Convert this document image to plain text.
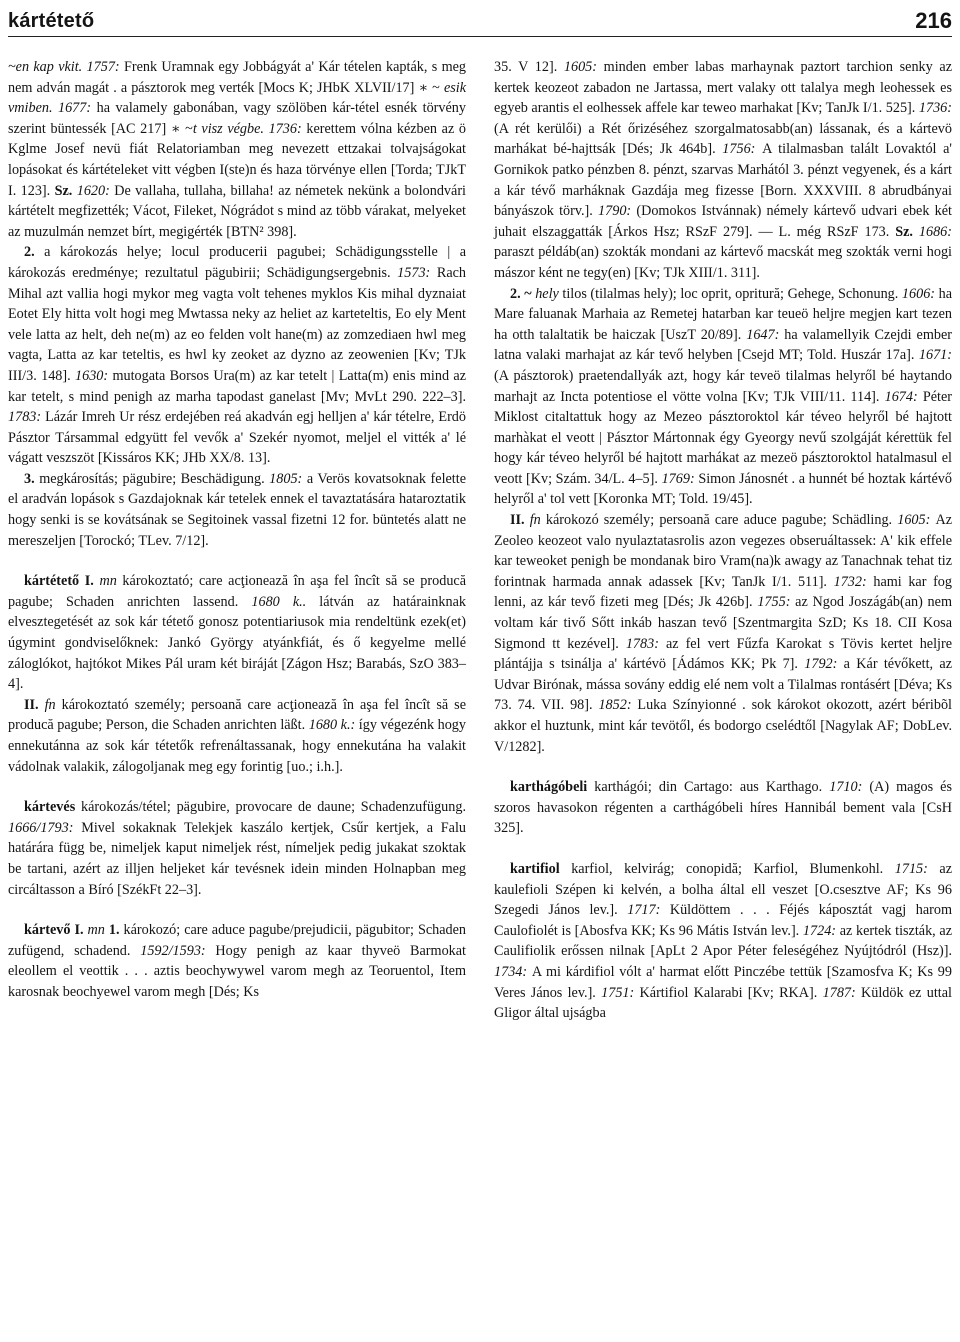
kártétető	216

~en kap vkit. 1757: Frenk Uramnak egy Jobbágyát a' Kár tételen kapták, s meg nem adván magát . a pásztorok meg verték [Mocs K; JHbK XLVII/17] ∗ ~ esik vmiben. 1677: ha valamely gabonában, vagy szölöben kár-tétel esnék törvény szerint büntessék [AC 217] ∗ ~t visz végbe. 1736: kerettem vólna kézben az ö Kglme Josef nevü fiát Relatoriamban meg nevezett ettzakai tolvajságokat lopásokat és kártételeket vitt végben I(ste)n és haza törvénye ellen [Torda; TJkT I. 123]. Sz. 1620: De vallaha, tullaha, billaha! az németek nekünk a bolondvári kártételt megfizették; Vácot, Fileket, Nógrádot s mind az több várakat, melyeket az muzulmán nemzet bírt, megigérték [BTN² 398].

2. a károkozás helye; locul producerii pagubei; Schädigungsstelle | a károkozás eredménye; rezultatul pägubirii; Schädigungsergebnis. 1573: Rach Mihal azt vallia hogi mykor meg vagta volt tehenes myklos Kis mihal dyznaiat Eotet Ely hitta volt hogi meg Mwtassa neky az heliet az karteteltis, Eo ely Ment vele latta az helt, deh ne(m) az eo felden volt hane(m) az zomzediaen hwl meg vagta, Latta az kar teteltis, es hwl ky zeoket az dyzno az zeowenien [Kv; TJk III/3. 148]. 1630: mutogata Borsos Ura(m) az kar tetelt | Latta(m) enis mind az kar tetelt, s mind penigh az marha tapodast ganelast [Mv; MvLt 290. 222–3]. 1783: Lázár Imreh Ur rész erdejében reá akadván egj helljen a' kár tételre, Erdö Pásztor Társammal edgyütt fel vevők a' Szekér nyomot, meljel el vitték a' lé vágatt veszszöt [Kissáros KK; JHb XX/8. 13].

3. megkárosítás; pägubire; Beschädigung. 1805: a Verös kovatsoknak felette el aradván lopások s Gazdajoknak kár tetelek ennek el tavaztatására hataroztatik hogy senki is se kovátsának se Segitoinek vassal fizetni 12 for. büntetés alatt ne mereszeljen [Torockó; TLev. 7/12].

kártétető I. mn károkoztató; care acţionează în aşa fel încît să se producă pagube; Schaden anrichten lassend. 1680 k.. látván az határainknak elvesztegetését az sok kár tétető gonosz potentiariusok mia rendeltünk ezek(et) úgymint gondviselőknek: Jankó György atyánkfiát, és ő kegyelme mellé záloglókot, hajtókot Mikes Pál uram két biráját [Zágon Hsz; Barabás, SzO 383–4].

II. fn károkoztató személy; persoană care acţionează în aşa fel încît să se producă pagube; Person, die Schaden anrichten läßt. 1680 k.: így végezénk hogy ennekutánna az sok kár tétetők refrenáltassanak, hogy ennekutána ha valakit vádolnak valakik, zálogoljanak meg egy forintig [uo.; i.h.].

kártevés károkozás/tétel; pägubire, provocare de daune; Schadenzufügung. 1666/1793: Mivel sokaknak Telekjek kaszálo kertjek, Csűr kertjek, a Falu határára függ be, nimeljek kaput nimeljek rést, nímeljek pedig jukakat szoktak be tartani, azért az illjen heljeket kár tevésnek idein minden Holnapban meg circáltasson a Bíró [SzékFt 22–3].

kártevő I. mn 1. károkozó; care aduce pagube/prejudicii, pägubitor; Schaden zufügend, schadend. 1592/1593: Hogy penigh az kaar thyveö Barmokat eleollem el veottik . . . aztis beochywywel varom megh az Teoruentol, Item karosnak beochyewel varom megh [Dés; Ks

35. V 12]. 1605: minden ember labas marhaynak paztort tarchion senky az kertek keozeot zabadon ne Jartassa, mert valaky ott talalya megh leohessek es egyeb arantis el eolhessek affele kar teweo marhakat [Kv; TanJk I/1. 525]. 1736: (A rét kerülői) a Rét őrizéséhez szorgalmatosabb(an) lássanak, és a kártevö marhákat bé-hajttsák [Dés; Jk 464b]. 1756: A tilalmasban talált Lovaktól a' Gornikok patko pénzben 8. pénzt, szarvas Marhától 3. pénzt vegyenek, és a kárt a kár tévő marháknak Gazdája meg fizesse [Born. XXXVIII. 8 abrudbányai bányászok törv.]. 1790: (Domokos Istvánnak) némely kártevő udvari ebek két juhait elszaggatták [Árkos Hsz; RSzF 279]. — L. még RSzF 173. Sz. 1686: paraszt példáb(an) szokták mondani az kártevő macskát meg szokták verni hogi mászor ként ne tegy(en) [Kv; TJk XIII/1. 311].

2. ~ hely tilos (tilalmas hely); loc oprit, opritură; Gehege, Schonung. 1606: ha Mare faluanak Marhaia az Remetej hatarban kar teueö heljre megjen kart tezen ha otth talaltatik be haiczak [UszT 20/89]. 1647: ha valamellyik Czejdi ember latna valaki marhajat az kár tevő helyben [Csejd MT; Told. Huszár 17a]. 1671: (A pásztorok) praetendallyák azt, hogy kár teveö tilalmas helyről bé haytando marhajt az Incta potentiose el vötte volna [Kv; TJk VIII/11. 114]. 1674: Péter Miklost citaltattuk hogy az Mezeo pásztoroktol kár téveo helyről bé hajtott marhàkat el veott | Pásztor Mártonnak égy Gyeorgy nevű szolgáját kérettük fel hogy kár téveo helyről bé hajtott marhákat az mezeö pásztoroktol hatalmasul el veott [Kv; Szám. 34/L. 4–5]. 1769: Simon Jánosnét . a hunnét bé hoztak kártévő helyről a' tol vett [Koronka MT; Told. 19/45].

II. fn károkozó személy; persoană care aduce pagube; Schädling. 1605: Az Zeoleo keozeot valo nyulaztatasrolis azon vegezes obseruáltassek: A' kik effele kar teweoket penigh be mondanak biro Vram(na)k awagy az Tanachnak tehat tiz forintnak harmada annak adassek [Kv; TanJk I/1. 511]. 1732: hami kar fog lenni, az kár tevő fizeti meg [Dés; Jk 426b]. 1755: az Ngod Joszágáb(an) nem voltam kár tivő Sőtt inkáb haszan tevő [Szentmargita SzD; Ks 18. CII Kosa Sigmond tt kezével]. 1783: az fel vert Fűzfa Karokat s Tövis kertet heljre plántájja s tsinálja a' kártévö [Ádámos KK; Pk 7]. 1792: a Kár tévőkett, az Udvar Birónak, mássa sovány eddig elé nem volt a Tilalmas rontásért [Déva; Ks 73. 74. VII. 98]. 1852: Luka Színyionné . sok károkot okozott, azért béribõl akkor el huztunk, mint kár tevötől, és bodorgo cselédtől [Nagylak AF; DobLev. V/1282].

karthágóbeli karthágói; din Cartago: aus Karthago. 1710: (A) magos és szoros havasokon régenten a carthágóbeli híres Hannibál bement vala [CsH 325].

kartifiol karfiol, kelvirág; conopidă; Karfiol, Blumenkohl. 1715: az kaulefioli Szépen ki kelvén, a bolha által ell veszet [O.csesztve AF; Ks 96 Szegedi János lev.]. 1717: Küldöttem . . . Féjés káposztát vagj harom Caulofiolét is [Abosfva KK; Ks 96 Mátis István lev.]. 1724: az kertek tiszták, az Caulifiolik erőssen nilnak [ApLt 2 Apor Péter feleségéhez Nyújtódról (Hsz)]. 1734: A mi kárdifiol vólt a' harmat előtt Pinczébe tettük [Szamosfva K; Ks 99 Veres János lev.]. 1751: Kártifiol Kalarabi [Kv; RKA]. 1787: Küldök ez uttal Gligor által ujságba
